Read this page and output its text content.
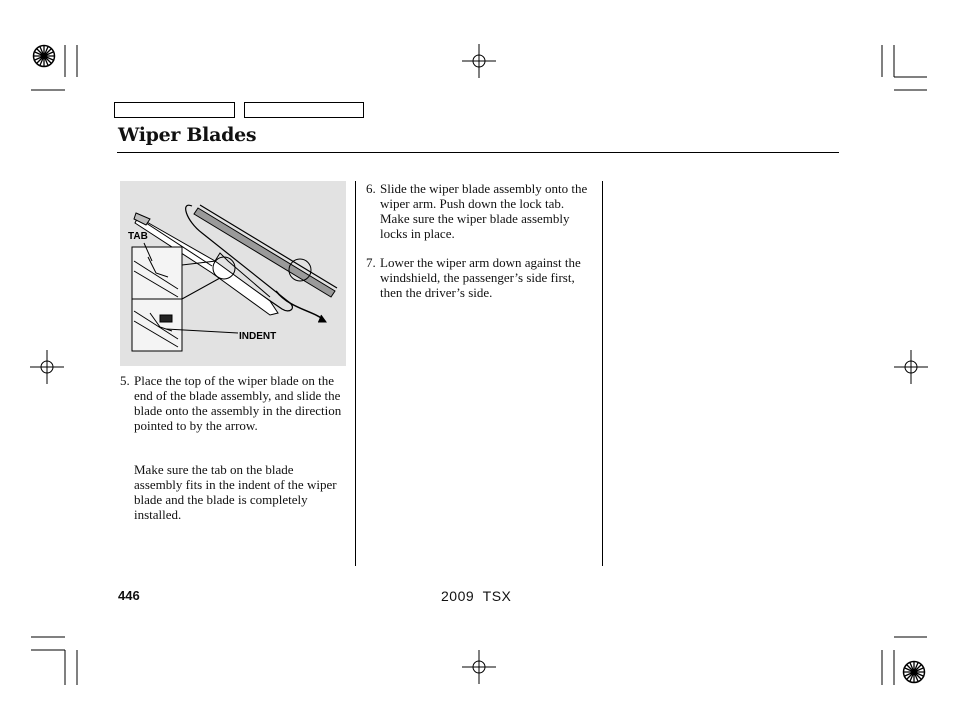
Wiper Blades
TAB
INDENT
5. Place the top of the wiper blade on the end of the blade assembly, and slide the blade onto the assembly in the direction pointed to by the arrow.
Make sure the tab on the blade assembly fits in the indent of the wiper blade and the blade is completely installed.
6. Slide the wiper blade assembly onto the wiper arm. Push down the lock tab. Make sure the wiper blade assembly locks in place.
7. Lower the wiper arm down against the windshield, the passenger’s side first, then the driver’s side.
446	2009  TSX
